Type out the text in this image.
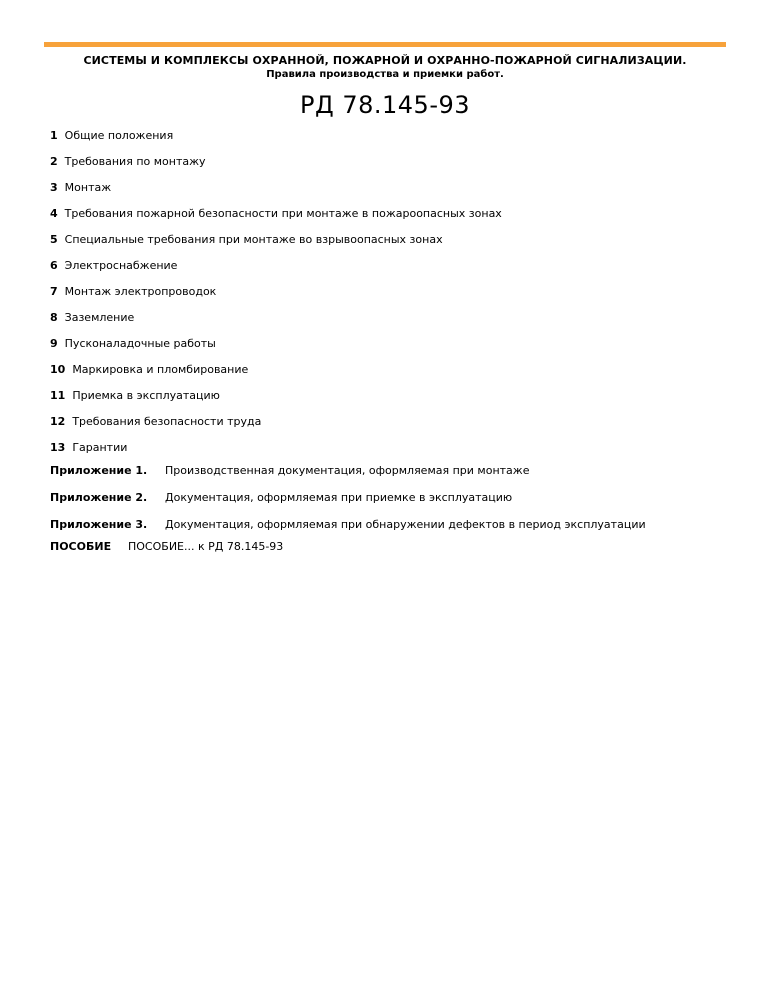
СИСТЕМЫ И КОМПЛЕКСЫ ОХРАННОЙ, ПОЖАРНОЙ И ОХРАННО-ПОЖАРНОЙ СИГНАЛИЗАЦИИ.
Правила производства и приемки работ.
РД 78.145-93
1 Общие положения
2 Требования по монтажу
3 Монтаж
4 Требования пожарной безопасности при монтаже в пожароопасных зонах
5 Специальные требования при монтаже во взрывоопасных зонах
6 Электроснабжение
7 Монтаж электропроводок
8 Заземление
9 Пусконаладочные работы
10 Маркировка и пломбирование
11 Приемка в эксплуатацию
12 Требования безопасности труда
13 Гарантии
Приложение 1. Производственная документация, оформляемая при монтаже
Приложение 2. Документация, оформляемая при приемке в эксплуатацию
Приложение 3. Документация, оформляемая при обнаружении дефектов в период эксплуатации
ПОСОБИЕ ПОСОБИЕ... к РД 78.145-93
